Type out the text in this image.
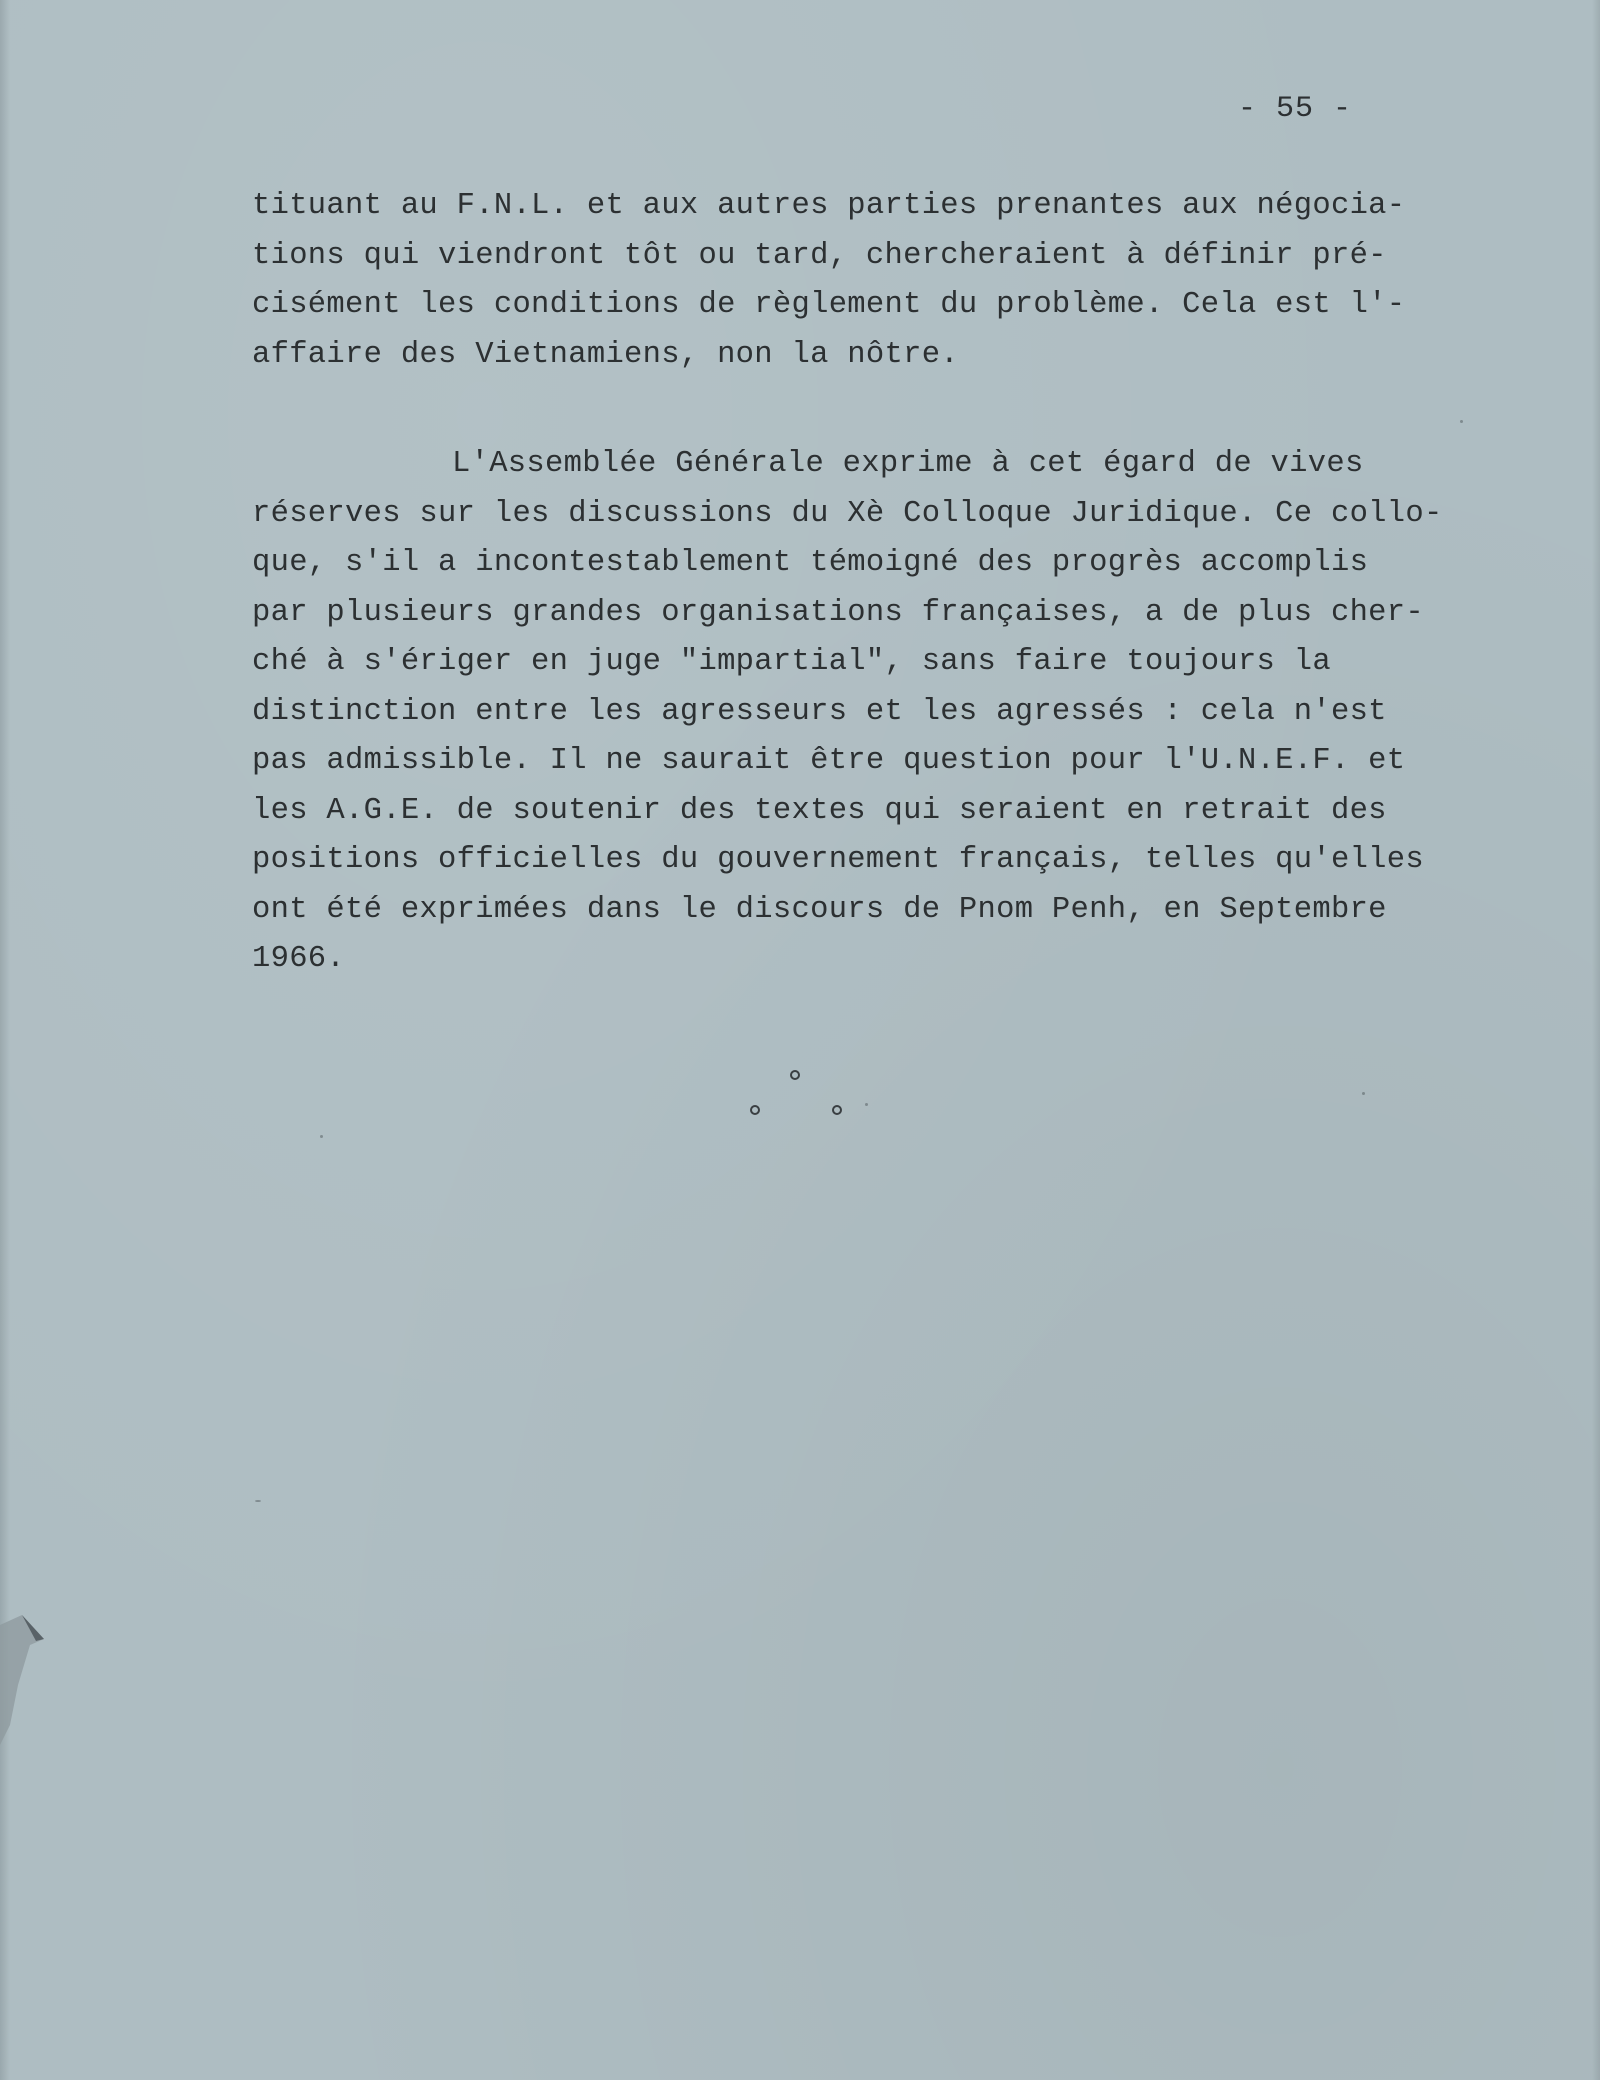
- 55 -
tituant au F.N.L. et aux autres parties prenantes aux négocia-
tions qui viendront tôt ou tard, chercheraient à définir pré-
cisément les conditions de règlement du problème. Cela est l'-
affaire des Vietnamiens, non la nôtre.
L'Assemblée Générale exprime à cet égard de vives
réserves sur les discussions du Xè Colloque Juridique. Ce collo-
que, s'il a incontestablement témoigné des progrès accomplis
par plusieurs grandes organisations françaises, a de plus cher-
ché à s'ériger en juge "impartial", sans faire toujours la
distinction entre les agresseurs et les agressés : cela n'est
pas admissible. Il ne saurait être question pour l'U.N.E.F. et
les A.G.E. de soutenir des textes qui seraient en retrait des
positions officielles du gouvernement français, telles qu'elles
ont été exprimées dans le discours de Pnom Penh, en Septembre
1966.
